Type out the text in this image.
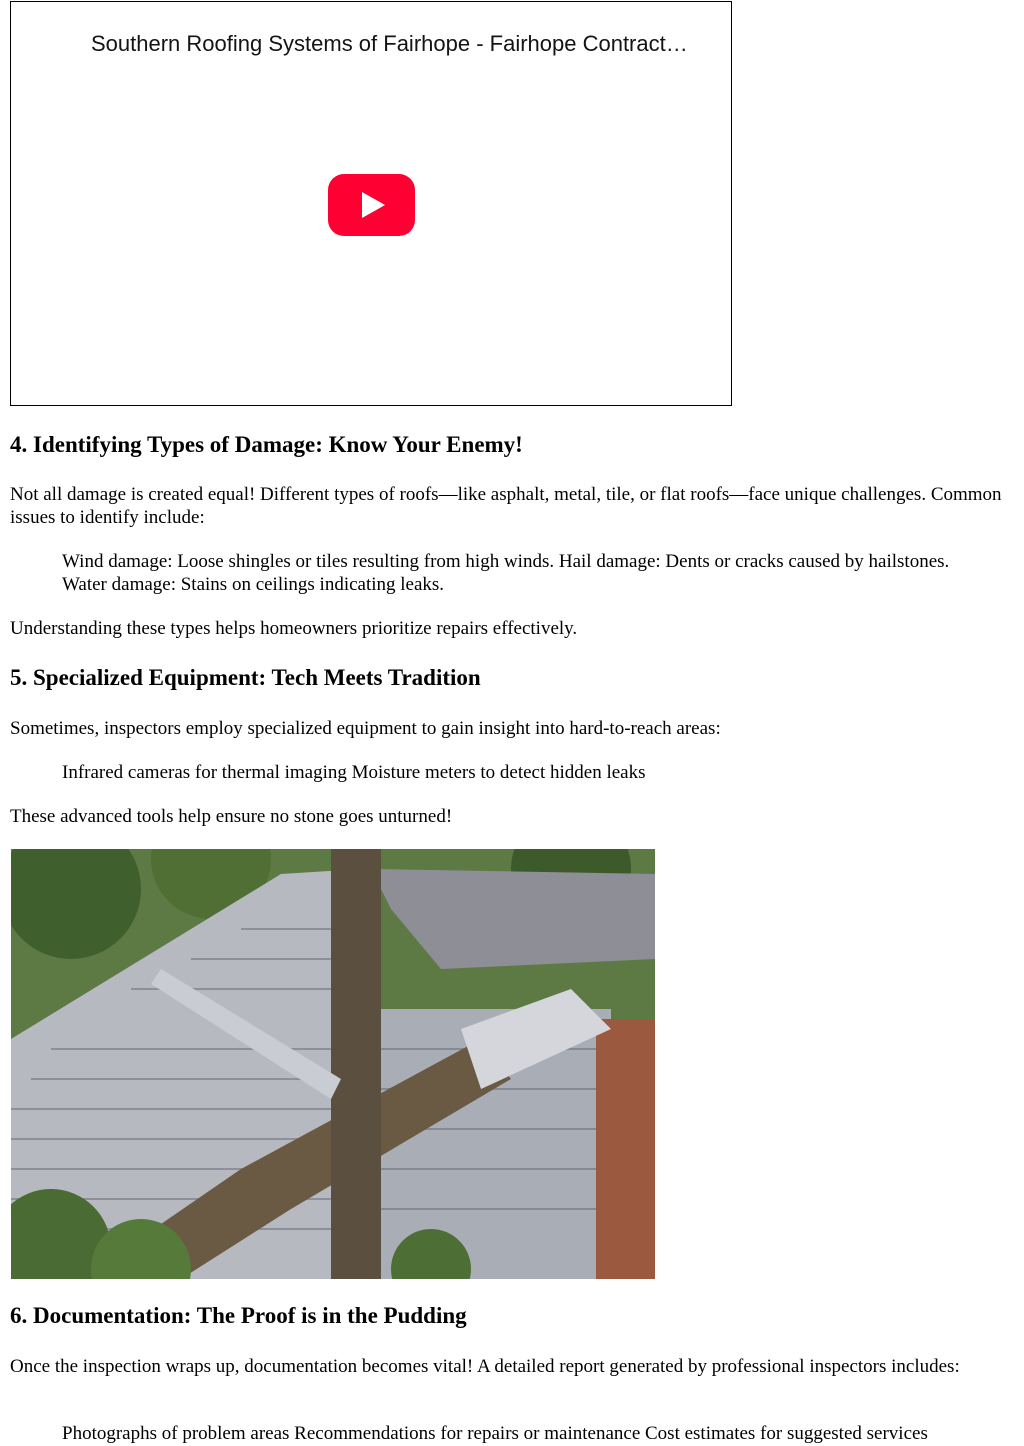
Southern Roofing Systems of Fairhope - Fairhope Contract…
4. Identifying Types of Damage: Know Your Enemy!

Not all damage is created equal! Different types of roofs—like asphalt, metal, tile, or flat roofs—face unique challenges. Common issues to identify include:

Wind damage: Loose shingles or tiles resulting from high winds. Hail damage: Dents or cracks caused by hailstones. Water damage: Stains on ceilings indicating leaks.

Understanding these types helps homeowners prioritize repairs effectively.

5. Specialized Equipment: Tech Meets Tradition

Sometimes, inspectors employ specialized equipment to gain insight into hard-to-reach areas:

Infrared cameras for thermal imaging Moisture meters to detect hidden leaks

These advanced tools help ensure no stone goes unturned!

6. Documentation: The Proof is in the Pudding

Once the inspection wraps up, documentation becomes vital! A detailed report generated by professional inspectors includes:

Photographs of problem areas Recommendations for repairs or maintenance Cost estimates for suggested services
